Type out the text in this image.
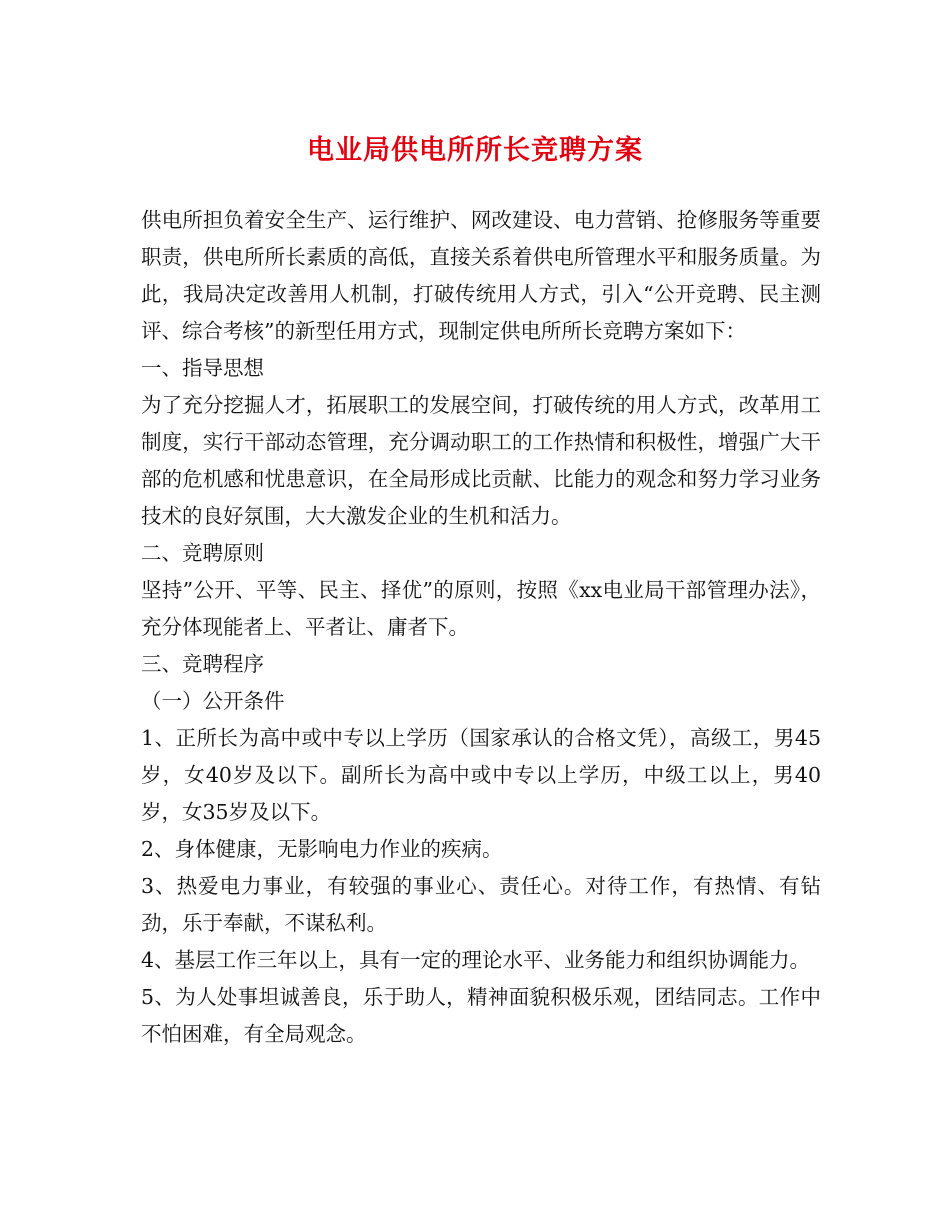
电业局供电所所长竞聘方案

供电所担负着安全生产、运行维护、网改建设、电力营销、抢修服务等重要职责，供电所所长素质的高低，直接关系着供电所管理水平和服务质量。为此，我局决定改善用人机制，打破传统用人方式，引入“公开竞聘、民主测评、综合考核”的新型任用方式，现制定供电所所长竞聘方案如下：

一、指导思想

为了充分挖掘人才，拓展职工的发展空间，打破传统的用人方式，改革用工制度，实行干部动态管理，充分调动职工的工作热情和积极性，增强广大干部的危机感和忧患意识，在全局形成比贡献、比能力的观念和努力学习业务技术的良好氛围，大大激发企业的生机和活力。

二、竞聘原则

坚持”公开、平等、民主、择优”的原则，按照《xx电业局干部管理办法》，充分体现能者上、平者让、庸者下。

三、竞聘程序

（一）公开条件

1、正所长为高中或中专以上学历（国家承认的合格文凭），高级工，男45岁，女40岁及以下。副所长为高中或中专以上学历，中级工以上，男40岁，女35岁及以下。

2、身体健康，无影响电力作业的疾病。

3、热爱电力事业，有较强的事业心、责任心。对待工作，有热情、有钻劲，乐于奉献，不谋私利。

4、基层工作三年以上，具有一定的理论水平、业务能力和组织协调能力。

5、为人处事坦诚善良，乐于助人，精神面貌积极乐观，团结同志。工作中不怕困难，有全局观念。
